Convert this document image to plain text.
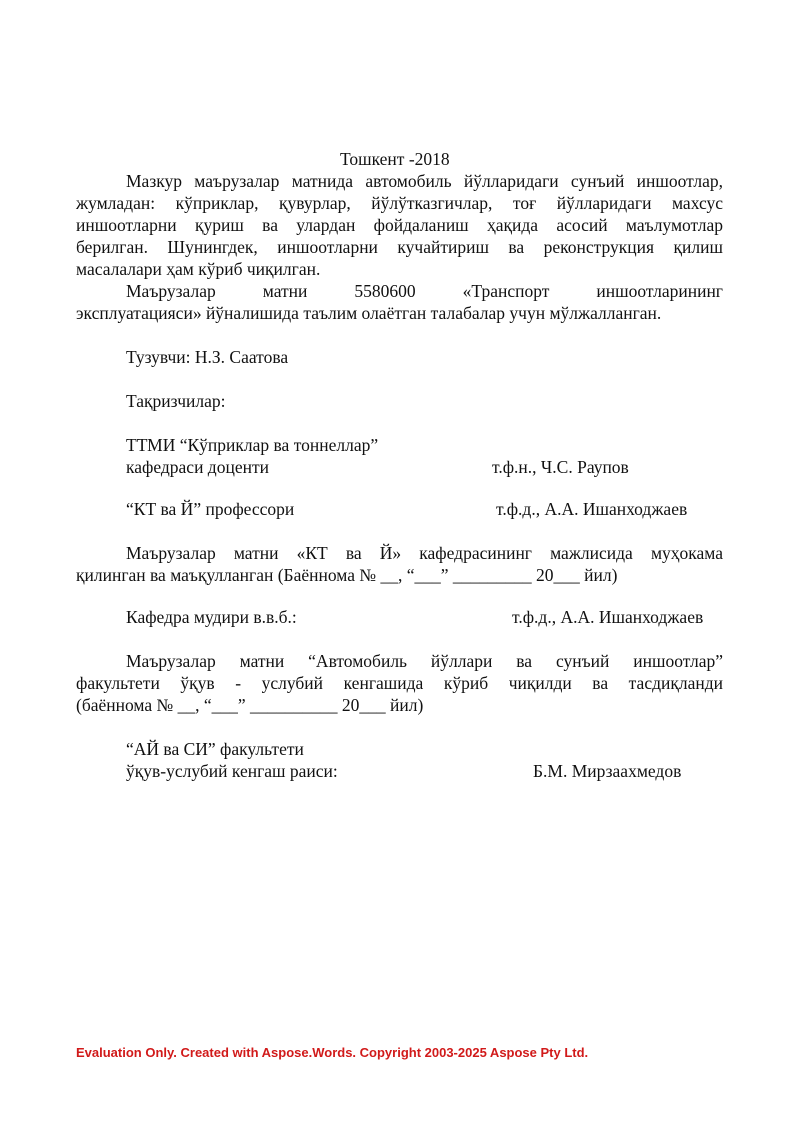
Тошкент -2018
Мазкур маърузалар матнида автомобиль йўлларидаги сунъий иншоотлар,
жумладан: кўприклар, қувурлар, йўлўтказгичлар, тоғ йўлларидаги махсус
иншоотларни қуриш ва улардан фойдаланиш ҳақида асосий маълумотлар
берилган. Шунингдек, иншоотларни кучайтириш ва реконструкция қилиш
масалалари ҳам кўриб чиқилган.
Маърузалар матни 5580600 «Транспорт иншоотларининг
эксплуатацияси» йўналишида таълим олаётган талабалар учун мўлжалланган.
Тузувчи: Н.З. Саатова
Тақризчилар:
ТТМИ “Кўприклар ва тоннеллар”
кафедраси доценти	т.ф.н., Ч.С. Раупов
“КТ ва Й” профессори	т.ф.д., А.А. Ишанходжаев
Маърузалар матни «КТ ва Й» кафедрасининг мажлисида муҳокама
қилинган ва маъқулланган (Баённома № __, “___” _________ 20___ йил)
Кафедра мудири в.в.б.:	т.ф.д., А.А. Ишанходжаев
Маърузалар матни “Автомобиль йўллари ва сунъий иншоотлар”
факультети ўқув - услубий кенгашида кўриб чиқилди ва тасдиқланди
(баённома № __, “___” __________ 20___ йил)
“АЙ ва СИ” факультети
ўқув-услубий кенгаш раиси:	Б.М. Мирзаахмедов
Evaluation Only. Created with Aspose.Words. Copyright 2003-2025 Aspose Pty Ltd.
